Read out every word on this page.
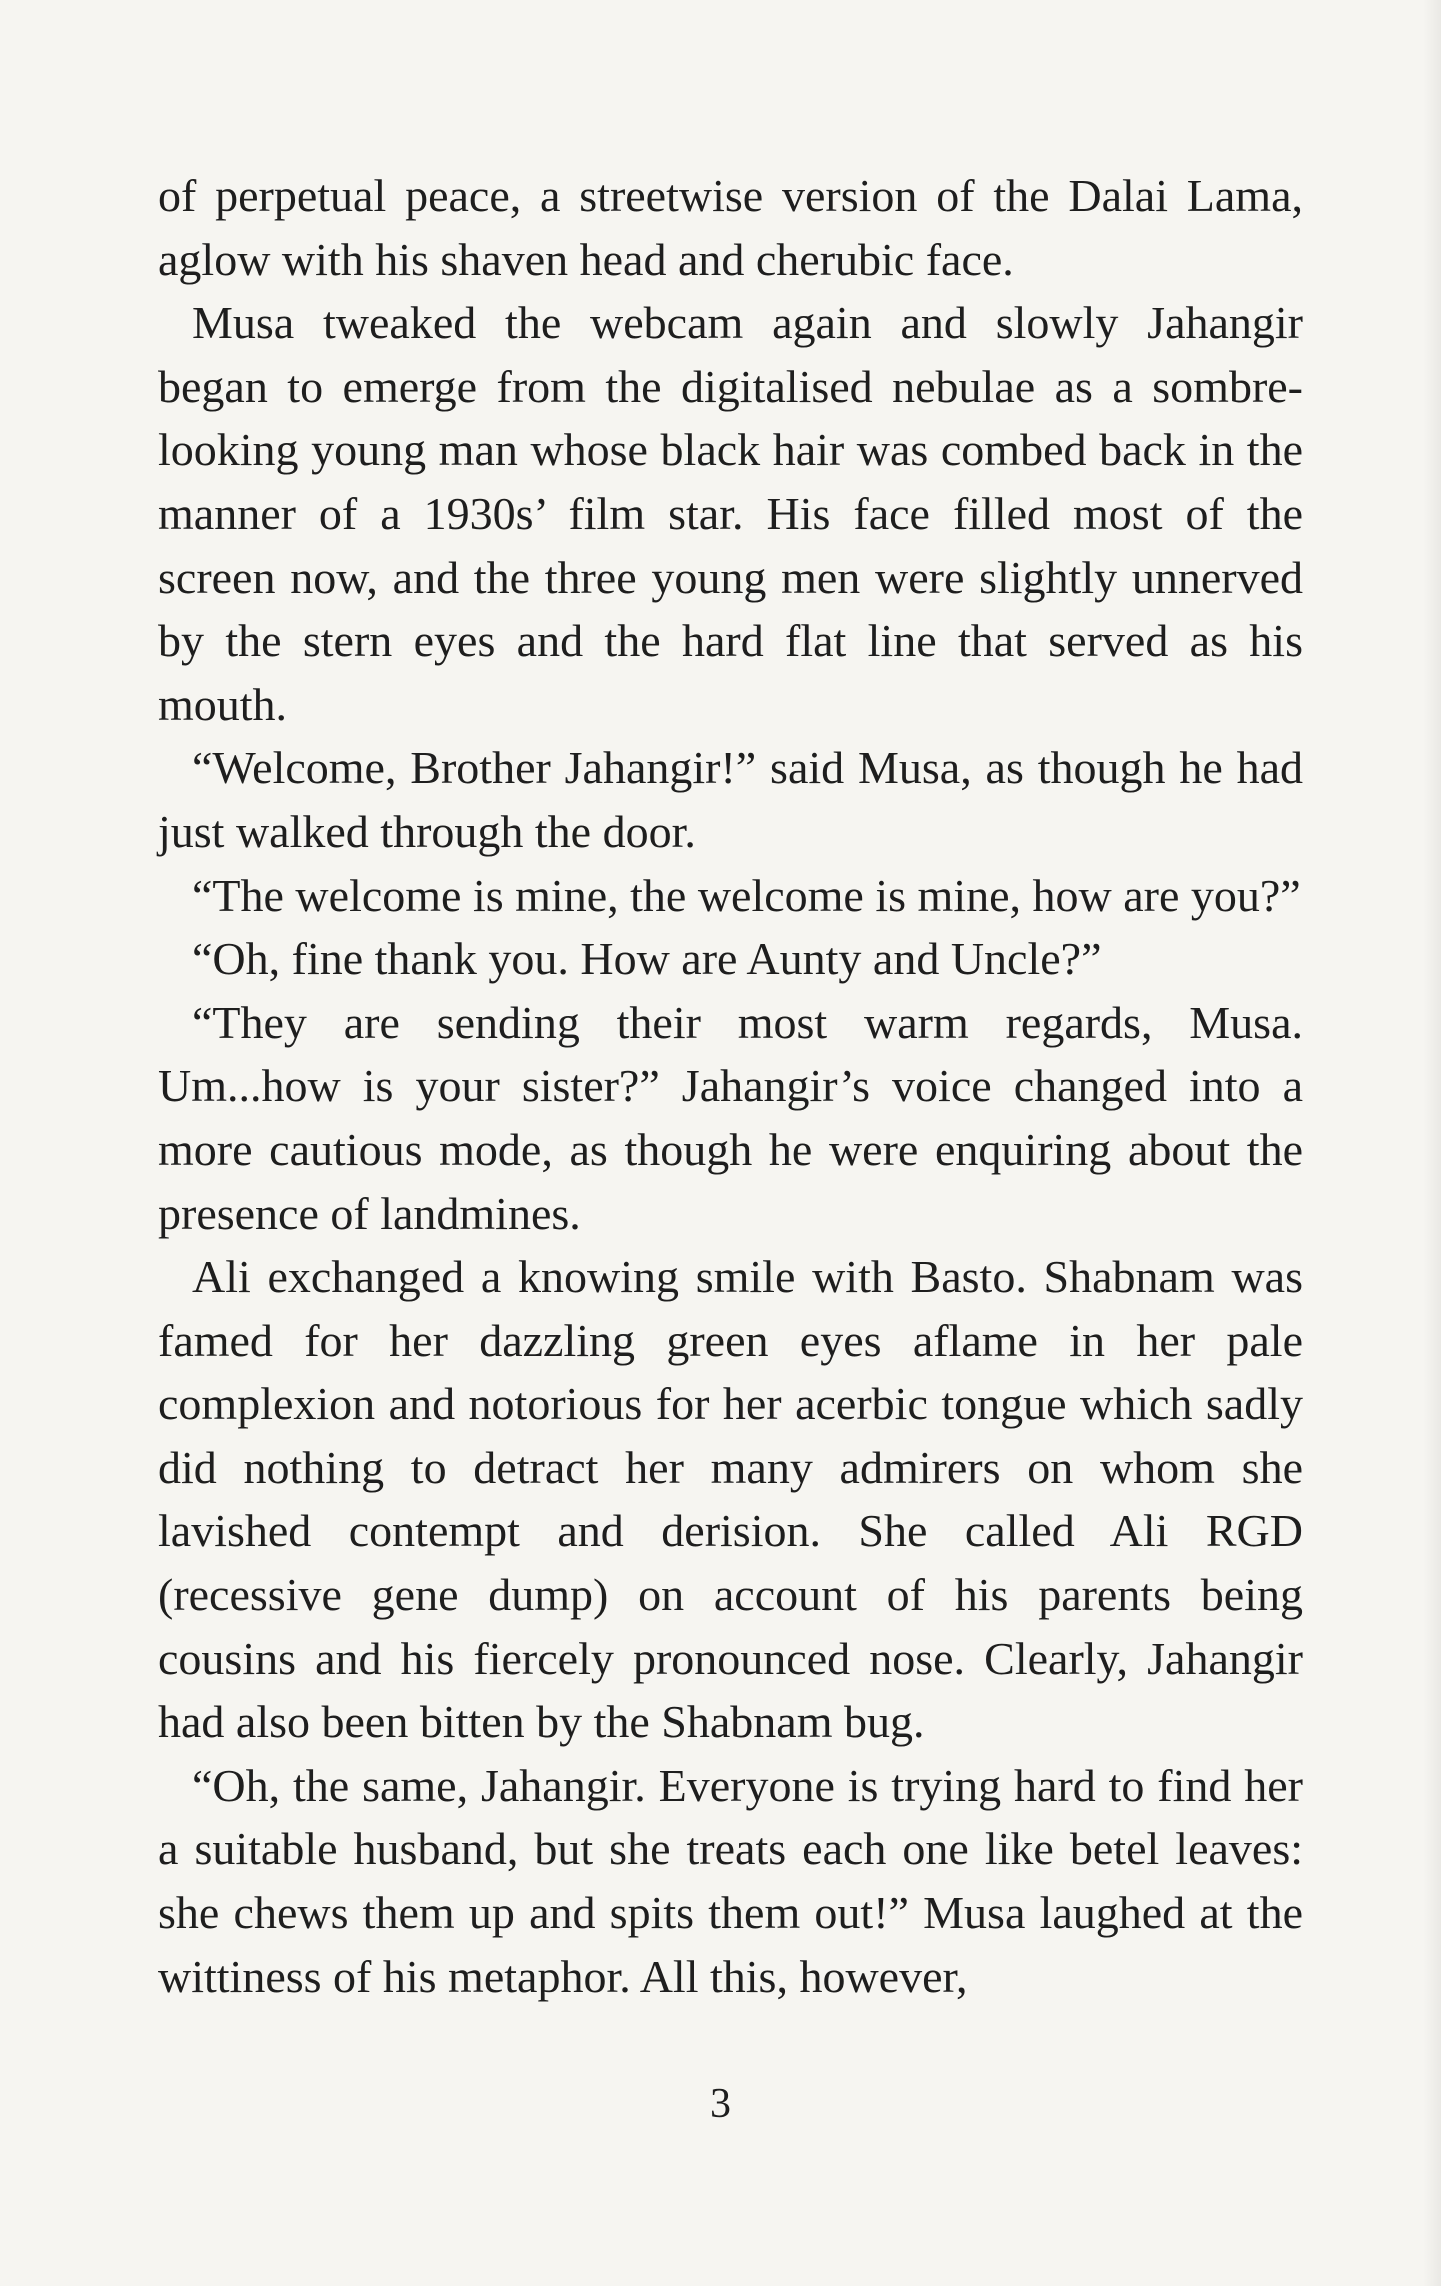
of perpetual peace, a streetwise version of the Dalai Lama, aglow with his shaven head and cherubic face.

Musa tweaked the webcam again and slowly Jahangir began to emerge from the digitalised nebulae as a sombre-looking young man whose black hair was combed back in the manner of a 1930s’ film star. His face filled most of the screen now, and the three young men were slightly unnerved by the stern eyes and the hard flat line that served as his mouth.

“Welcome, Brother Jahangir!” said Musa, as though he had just walked through the door.

“The welcome is mine, the welcome is mine, how are you?”

“Oh, fine thank you. How are Aunty and Uncle?”

“They are sending their most warm regards, Musa. Um...how is your sister?” Jahangir’s voice changed into a more cautious mode, as though he were enquiring about the presence of landmines.

Ali exchanged a knowing smile with Basto. Shabnam was famed for her dazzling green eyes aflame in her pale complexion and notorious for her acerbic tongue which sadly did nothing to detract her many admirers on whom she lavished contempt and derision. She called Ali RGD (recessive gene dump) on account of his parents being cousins and his fiercely pronounced nose. Clearly, Jahangir had also been bitten by the Shabnam bug.

“Oh, the same, Jahangir. Everyone is trying hard to find her a suitable husband, but she treats each one like betel leaves: she chews them up and spits them out!” Musa laughed at the wittiness of his metaphor. All this, however,

3
